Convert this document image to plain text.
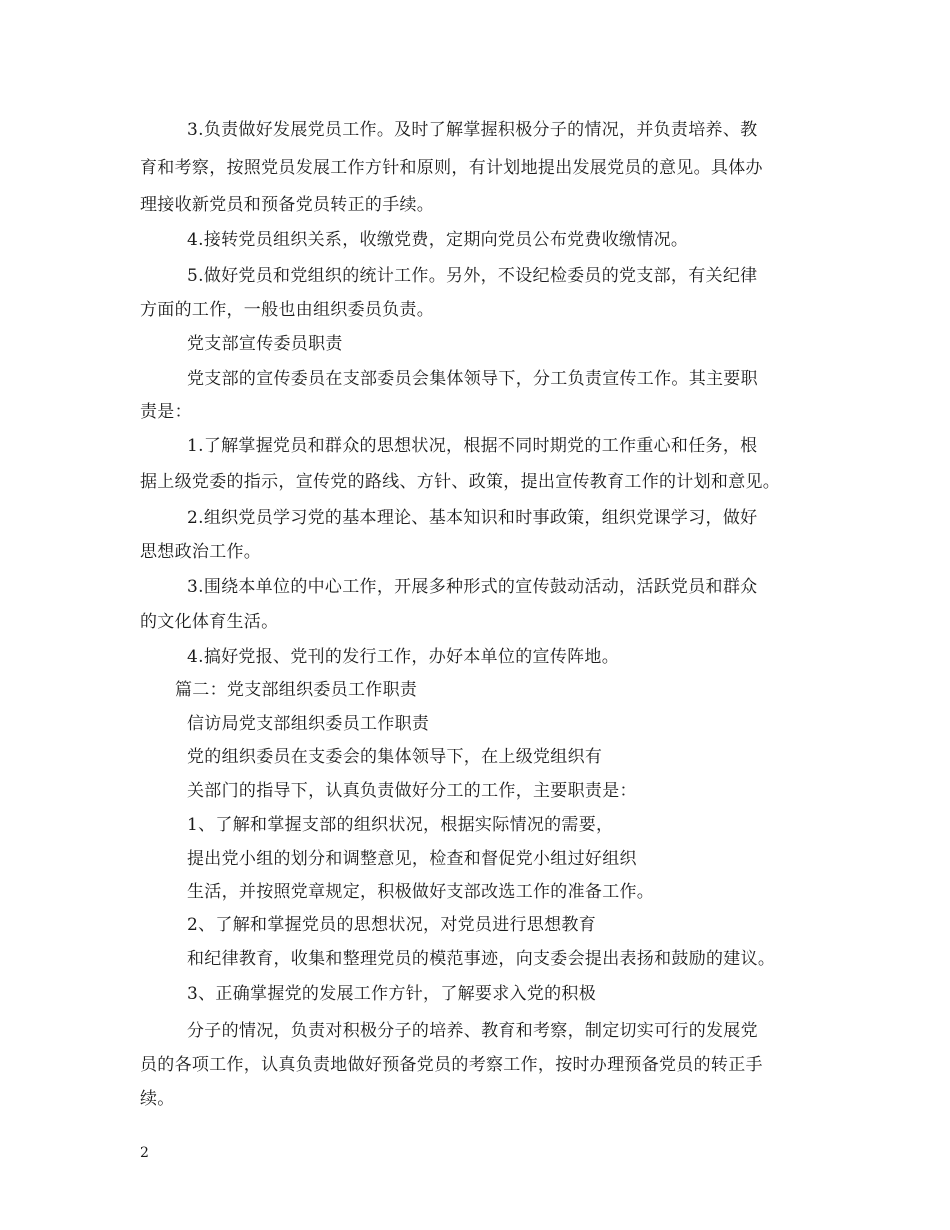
3.负责做好发展党员工作。及时了解掌握积极分子的情况，并负责培养、教
育和考察，按照党员发展工作方针和原则，有计划地提出发展党员的意见。具体办
理接收新党员和预备党员转正的手续。
4.接转党员组织关系，收缴党费，定期向党员公布党费收缴情况。
5.做好党员和党组织的统计工作。另外，不设纪检委员的党支部，有关纪律
方面的工作，一般也由组织委员负责。
党支部宣传委员职责
党支部的宣传委员在支部委员会集体领导下，分工负责宣传工作。其主要职
责是：
1.了解掌握党员和群众的思想状况，根据不同时期党的工作重心和任务，根
据上级党委的指示，宣传党的路线、方针、政策，提出宣传教育工作的计划和意见。
2.组织党员学习党的基本理论、基本知识和时事政策，组织党课学习，做好
思想政治工作。
3.围绕本单位的中心工作，开展多种形式的宣传鼓动活动，活跃党员和群众
的文化体育生活。
4.搞好党报、党刊的发行工作，办好本单位的宣传阵地。
篇二：党支部组织委员工作职责
信访局党支部组织委员工作职责
党的组织委员在支委会的集体领导下，在上级党组织有
关部门的指导下，认真负责做好分工的工作，主要职责是：
1、了解和掌握支部的组织状况，根据实际情况的需要，
提出党小组的划分和调整意见，检查和督促党小组过好组织
生活，并按照党章规定，积极做好支部改选工作的准备工作。
2、了解和掌握党员的思想状况，对党员进行思想教育
和纪律教育，收集和整理党员的模范事迹，向支委会提出表扬和鼓励的建议。
3、正确掌握党的发展工作方针，了解要求入党的积极
分子的情况，负责对积极分子的培养、教育和考察，制定切实可行的发展党
员的各项工作，认真负责地做好预备党员的考察工作，按时办理预备党员的转正手
续。
2
